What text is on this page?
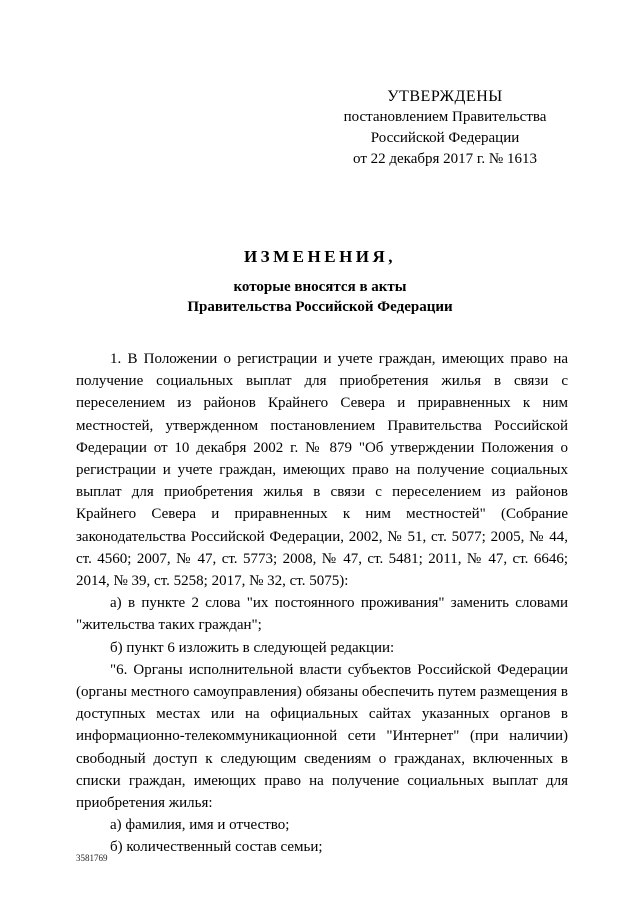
УТВЕРЖДЕНЫ
постановлением Правительства
Российской Федерации
от 22 декабря 2017 г. № 1613
ИЗМЕНЕНИЯ,
которые вносятся в акты
Правительства Российской Федерации

1. В Положении о регистрации и учете граждан, имеющих право на получение социальных выплат для приобретения жилья в связи с переселением из районов Крайнего Севера и приравненных к ним местностей, утвержденном постановлением Правительства Российской Федерации от 10 декабря 2002 г. № 879 "Об утверждении Положения о регистрации и учете граждан, имеющих право на получение социальных выплат для приобретения жилья в связи с переселением из районов Крайнего Севера и приравненных к ним местностей" (Собрание законодательства Российской Федерации, 2002, № 51, ст. 5077; 2005, № 44, ст. 4560; 2007, № 47, ст. 5773; 2008, № 47, ст. 5481; 2011, № 47, ст. 6646; 2014, № 39, ст. 5258; 2017, № 32, ст. 5075):

а) в пункте 2 слова "их постоянного проживания" заменить словами "жительства таких граждан";

б) пункт 6 изложить в следующей редакции:

"6. Органы исполнительной власти субъектов Российской Федерации (органы местного самоуправления) обязаны обеспечить путем размещения в доступных местах или на официальных сайтах указанных органов в информационно-телекоммуникационной сети "Интернет" (при наличии) свободный доступ к следующим сведениям о гражданах, включенных в списки граждан, имеющих право на получение социальных выплат для приобретения жилья:

а) фамилия, имя и отчество;

б) количественный состав семьи;

3581769
